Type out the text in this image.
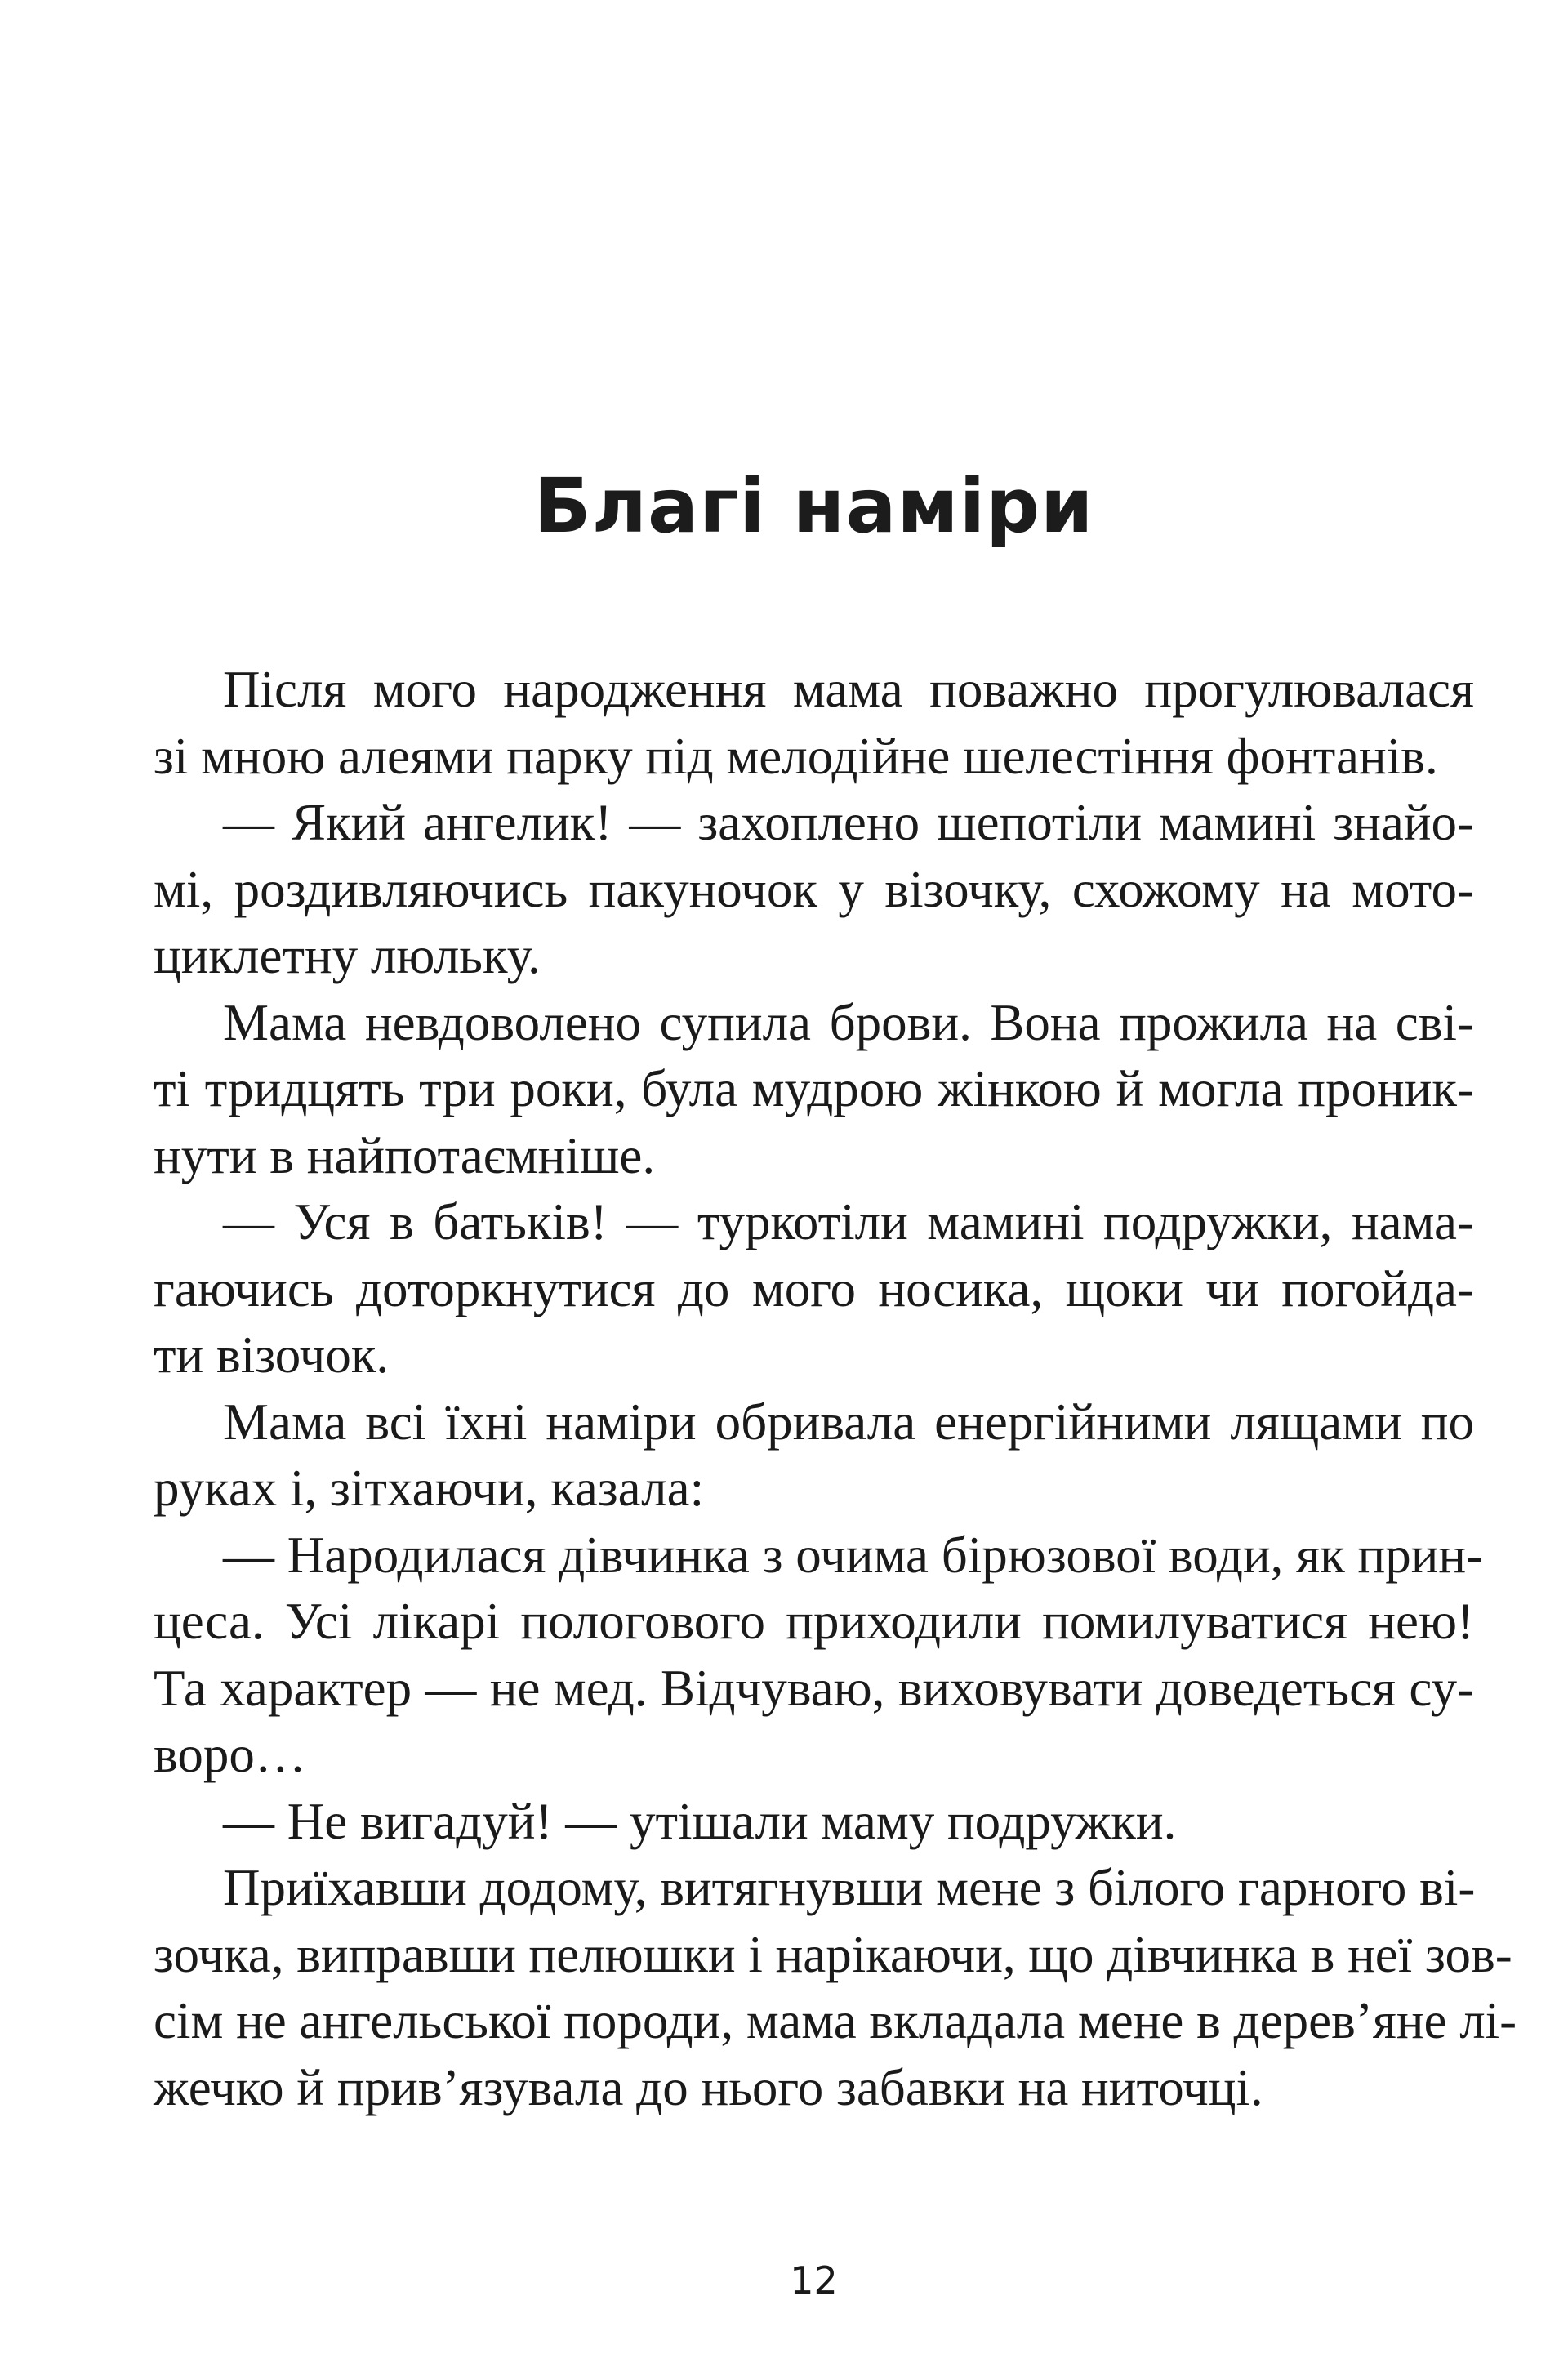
Благі наміри
Після мого народження мама поважно прогулювалася
зі мною алеями парку під мелодійне шелестіння фонтанів.
— Який ангелик! — захоплено шепотіли мамині знайо-
мі, роздивляючись пакуночок у візочку, схожому на мото-
циклетну люльку.
Мама невдоволено супила брови. Вона прожила на сві-
ті тридцять три роки, була мудрою жінкою й могла проник-
нути в найпотаємніше.
— Уся в батьків! — туркотіли мамині подружки, нама-
гаючись доторкнутися до мого носика, щоки чи погойда-
ти візочок.
Мама всі їхні наміри обривала енергійними лящами по
руках і, зітхаючи, казала:
— Народилася дівчинка з очима бірюзової води, як прин-
цеса. Усі лікарі пологового приходили помилуватися нею!
Та характер — не мед. Відчуваю, виховувати доведеться су-
воро…
— Не вигадуй! — утішали маму подружки.
Приїхавши додому, витягнувши мене з білого гарного ві-
зочка, виправши пелюшки і нарікаючи, що дівчинка в неї зов-
сім не ангельської породи, мама вкладала мене в дерев’яне лі-
жечко й прив’язувала до нього забавки на ниточці.
12
